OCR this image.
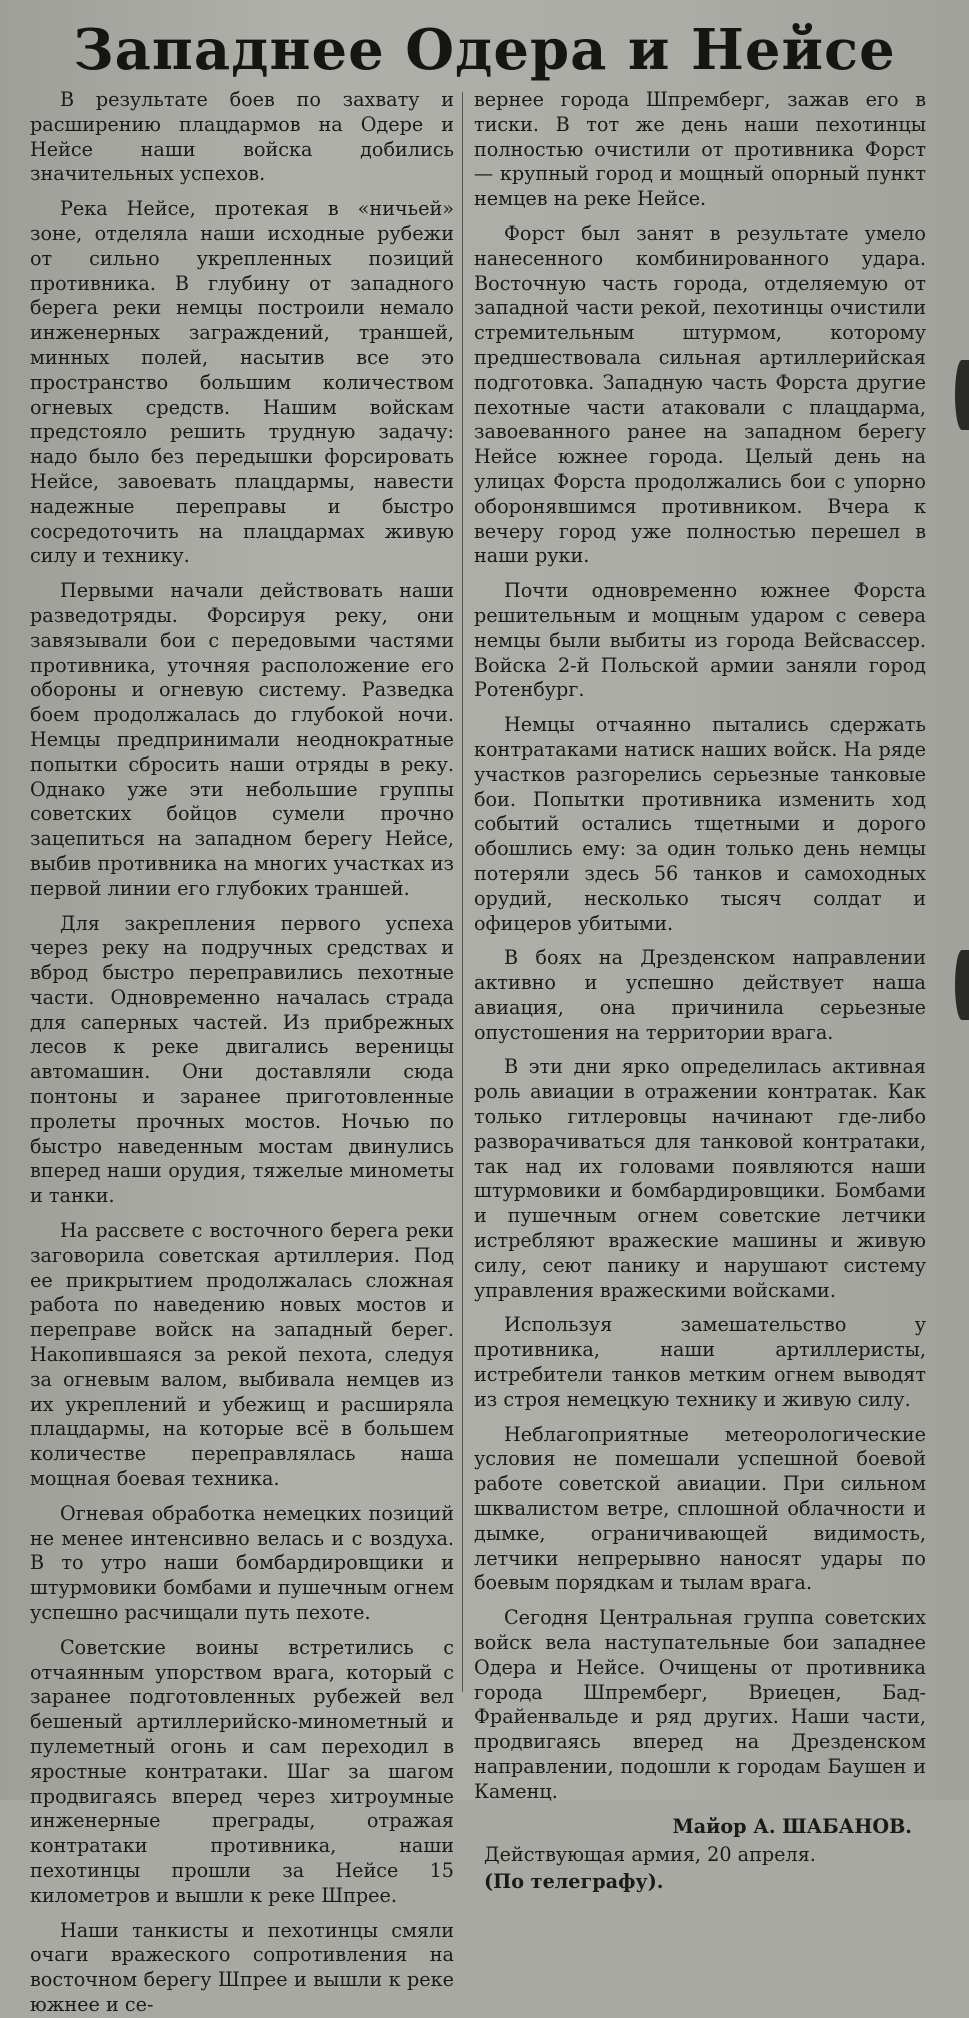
Западнее Одера и Нейсе

В результате боев по захвату и расширению плацдармов на Одере и Нейсе наши войска добились значительных успехов.

Река Нейсе, протекая в «ничьей» зоне, отделяла наши исходные рубежи от сильно укрепленных позиций противника. В глубину от западного берега реки немцы построили немало инженерных заграждений, траншей, минных полей, насытив все это пространство большим количеством огневых средств. Нашим войскам предстояло решить трудную задачу: надо было без передышки форсировать Нейсе, завоевать плацдармы, навести надежные переправы и быстро сосредоточить на плацдармах живую силу и технику.

Первыми начали действовать наши разведотряды. Форсируя реку, они завязывали бои с передовыми частями противника, уточняя расположение его обороны и огневую систему. Разведка боем продолжалась до глубокой ночи. Немцы предпринимали неоднократные попытки сбросить наши отряды в реку. Однако уже эти небольшие группы советских бойцов сумели прочно зацепиться на западном берегу Нейсе, выбив противника на многих участках из первой линии его глубоких траншей.

Для закрепления первого успеха через реку на подручных средствах и вброд быстро переправились пехотные части. Одновременно началась страда для саперных частей. Из прибрежных лесов к реке двигались вереницы автомашин. Они доставляли сюда понтоны и заранее приготовленные пролеты прочных мостов. Ночью по быстро наведенным мостам двинулись вперед наши орудия, тяжелые минометы и танки.

На рассвете с восточного берега реки заговорила советская артиллерия. Под ее прикрытием продолжалась сложная работа по наведению новых мостов и переправе войск на западный берег. Накопившаяся за рекой пехота, следуя за огневым валом, выбивала немцев из их укреплений и убежищ и расширяла плацдармы, на которые всё в большем количестве переправлялась наша мощная боевая техника.

Огневая обработка немецких позиций не менее интенсивно велась и с воздуха. В то утро наши бомбардировщики и штурмовики бомбами и пушечным огнем успешно расчищали путь пехоте.

Советские воины встретились с отчаянным упорством врага, который с заранее подготовленных рубежей вел бешеный артиллерийско-минометный и пулеметный огонь и сам переходил в яростные контратаки. Шаг за шагом продвигаясь вперед через хитроумные инженерные преграды, отражая контратаки противника, наши пехотинцы прошли за Нейсе 15 километров и вышли к реке Шпрее.

Наши танкисты и пехотинцы смяли очаги вражеского сопротивления на восточном берегу Шпрее и вышли к реке южнее и се-

вернее города Шпремберг, зажав его в тиски. В тот же день наши пехотинцы полностью очистили от противника Форст — крупный город и мощный опорный пункт немцев на реке Нейсе.

Форст был занят в результате умело нанесенного комбинированного удара. Восточную часть города, отделяемую от западной части рекой, пехотинцы очистили стремительным штурмом, которому предшествовала сильная артиллерийская подготовка. Западную часть Форста другие пехотные части атаковали с плацдарма, завоеванного ранее на западном берегу Нейсе южнее города. Целый день на улицах Форста продолжались бои с упорно оборонявшимся противником. Вчера к вечеру город уже полностью перешел в наши руки.

Почти одновременно южнее Форста решительным и мощным ударом с севера немцы были выбиты из города Вейсвассер. Войска 2-й Польской армии заняли город Ротенбург.

Немцы отчаянно пытались сдержать контратаками натиск наших войск. На ряде участков разгорелись серьезные танковые бои. Попытки противника изменить ход событий остались тщетными и дорого обошлись ему: за один только день немцы потеряли здесь 56 танков и самоходных орудий, несколько тысяч солдат и офицеров убитыми.

В боях на Дрезденском направлении активно и успешно действует наша авиация, она причинила серьезные опустошения на территории врага.

В эти дни ярко определилась активная роль авиации в отражении контратак. Как только гитлеровцы начинают где-либо разворачиваться для танковой контратаки, так над их головами появляются наши штурмовики и бомбардировщики. Бомбами и пушечным огнем советские летчики истребляют вражеские машины и живую силу, сеют панику и нарушают систему управления вражескими войсками.

Используя замешательство у противника, наши артиллеристы, истребители танков метким огнем выводят из строя немецкую технику и живую силу.

Неблагоприятные метеорологические условия не помешали успешной боевой работе советской авиации. При сильном шквалистом ветре, сплошной облачности и дымке, ограничивающей видимость, летчики непрерывно наносят удары по боевым порядкам и тылам врага.

Сегодня Центральная группа советских войск вела наступательные бои западнее Одера и Нейсе. Очищены от противника города Шпремберг, Вриецен, Бад-Фрайенвальде и ряд других. Наши части, продвигаясь вперед на Дрезденском направлении, подошли к городам Баушен и Каменц.

Майор А. ШАБАНОВ.
Действующая армия, 20 апреля.
(По телеграфу).
